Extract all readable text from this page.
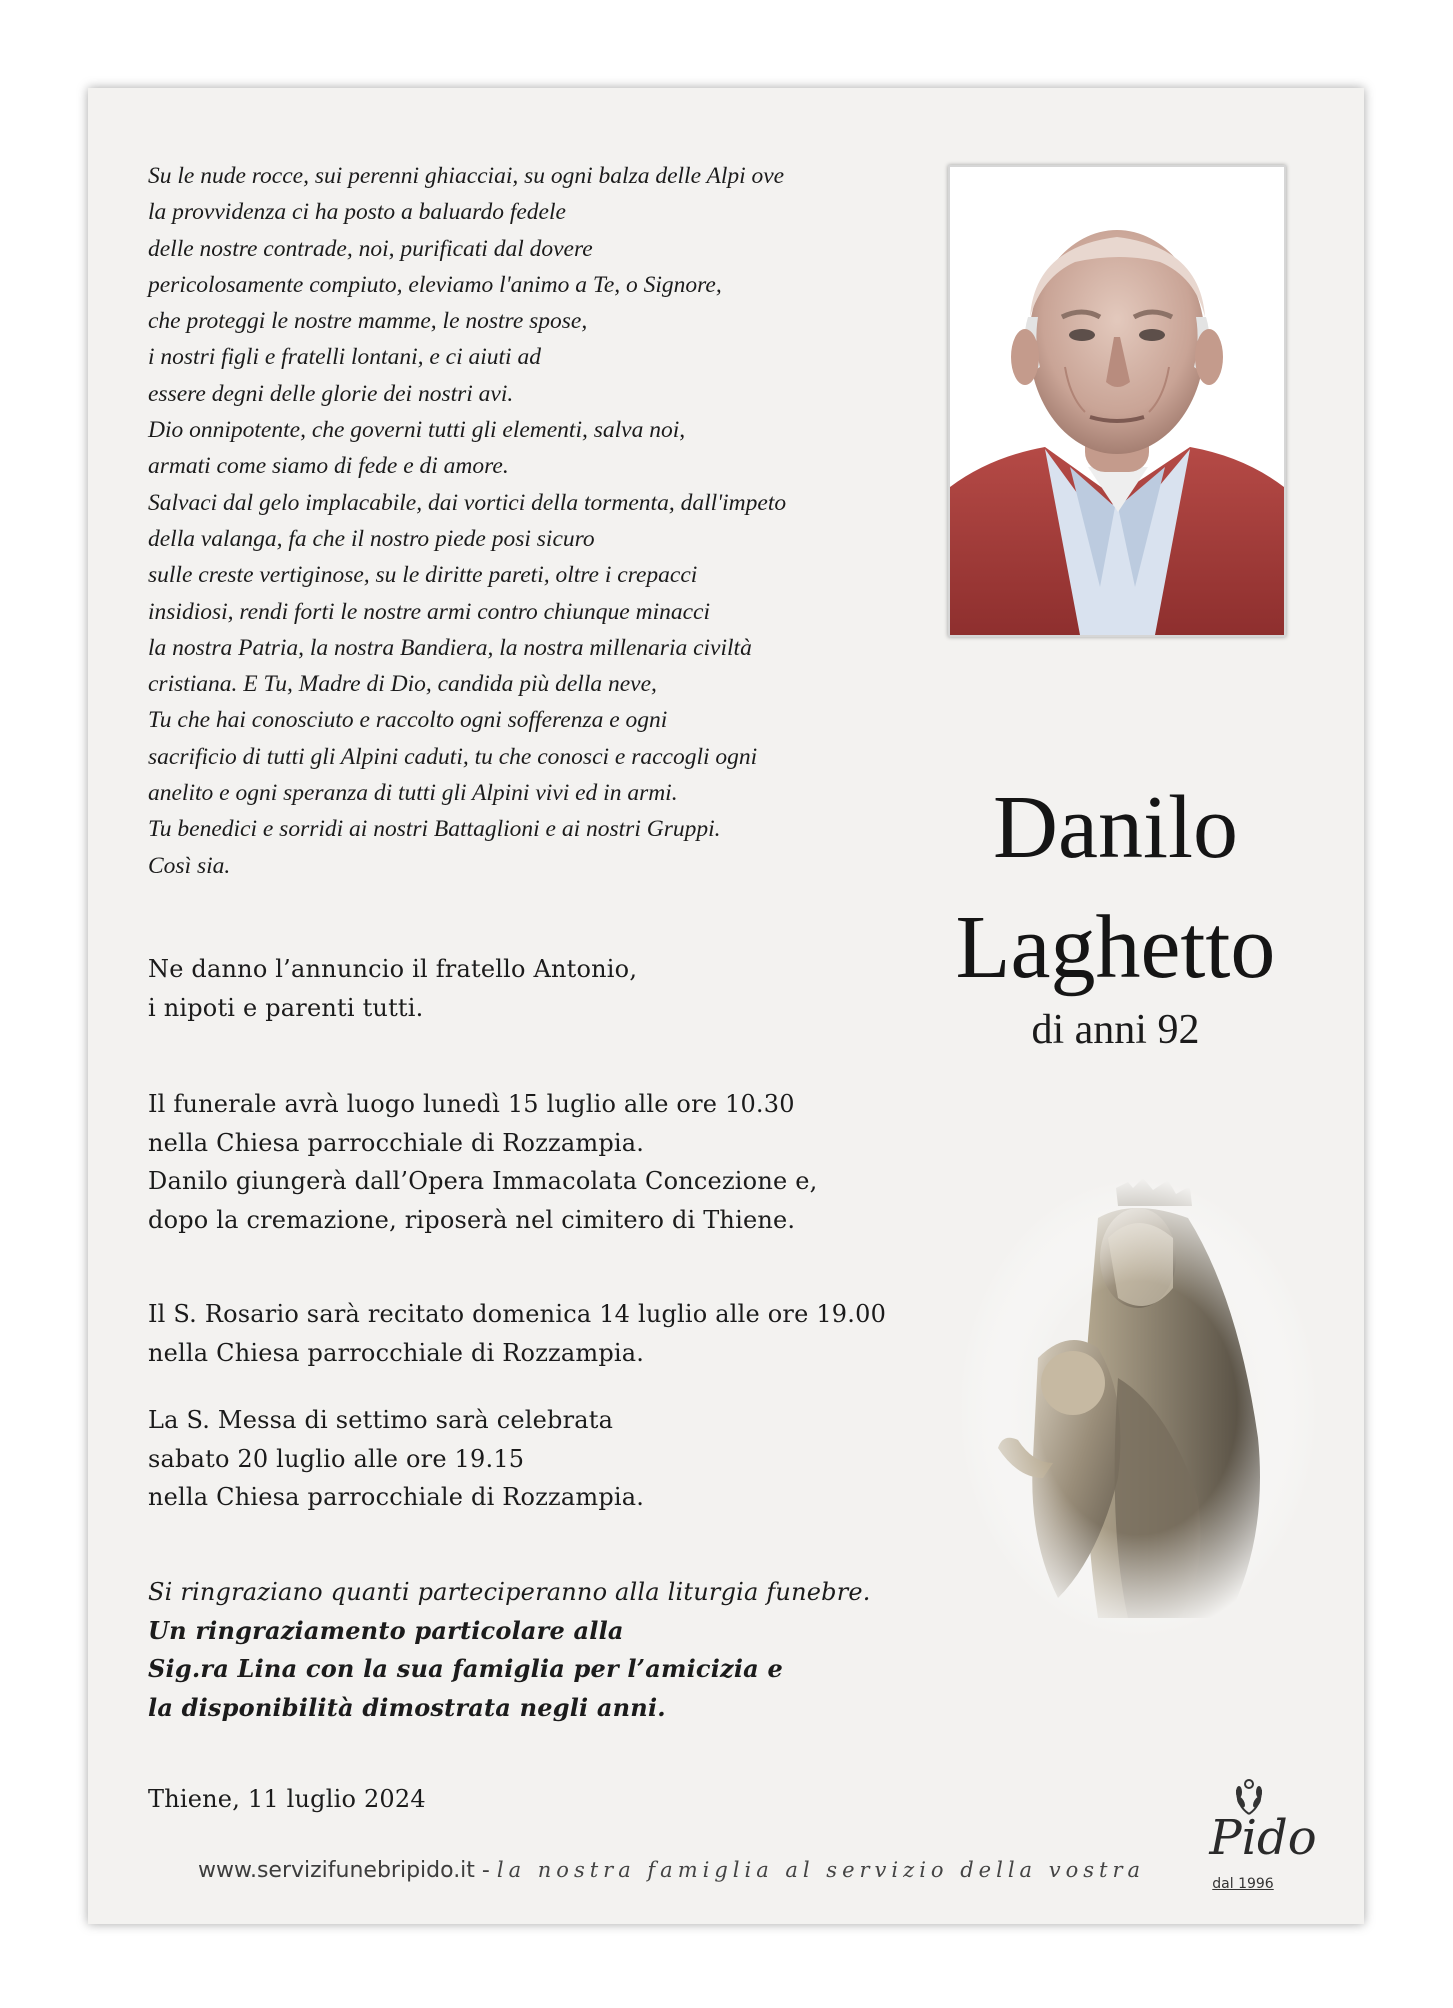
Su le nude rocce, sui perenni ghiacciai, su ogni balza delle Alpi ove
la provvidenza ci ha posto a baluardo fedele
delle nostre contrade, noi, purificati dal dovere
pericolosamente compiuto, eleviamo l'animo a Te, o Signore,
che proteggi le nostre mamme, le nostre spose,
i nostri figli e fratelli lontani, e ci aiuti ad
essere degni delle glorie dei nostri avi.
Dio onnipotente, che governi tutti gli elementi, salva noi,
armati come siamo di fede e di amore.
Salvaci dal gelo implacabile, dai vortici della tormenta, dall'impeto
della valanga, fa che il nostro piede posi sicuro
sulle creste vertiginose, su le diritte pareti, oltre i crepacci
insidiosi, rendi forti le nostre armi contro chiunque minacci
la nostra Patria, la nostra Bandiera, la nostra millenaria civiltà
cristiana. E Tu, Madre di Dio, candida più della neve,
Tu che hai conosciuto e raccolto ogni sofferenza e ogni
sacrificio di tutti gli Alpini caduti, tu che conosci e raccogli ogni
anelito e ogni speranza di tutti gli Alpini vivi ed in armi.
Tu benedici e sorridi ai nostri Battaglioni e ai nostri Gruppi.
Così sia.	Danilo
Laghetto
di anni 92
Ne danno l’annuncio il fratello Antonio,
i nipoti e parenti tutti.
Il funerale avrà luogo lunedì 15 luglio alle ore 10.30
nella Chiesa parrocchiale di Rozzampia.
Danilo giungerà dall’Opera Immacolata Concezione e,
dopo la cremazione, riposerà nel cimitero di Thiene.
Il S. Rosario sarà recitato domenica 14 luglio alle ore 19.00
nella Chiesa parrocchiale di Rozzampia.
La S. Messa di settimo sarà celebrata
sabato 20 luglio alle ore 19.15
nella Chiesa parrocchiale di Rozzampia.
Si ringraziano quanti parteciperanno alla liturgia funebre.
Un ringraziamento particolare alla
Sig.ra Lina con la sua famiglia per l’amicizia e
la disponibilità dimostrata negli anni.
Thiene, 11 luglio 2024
www.servizifunebripido.it - la nostra famiglia al servizio della vostra
Pido
dal 1996
